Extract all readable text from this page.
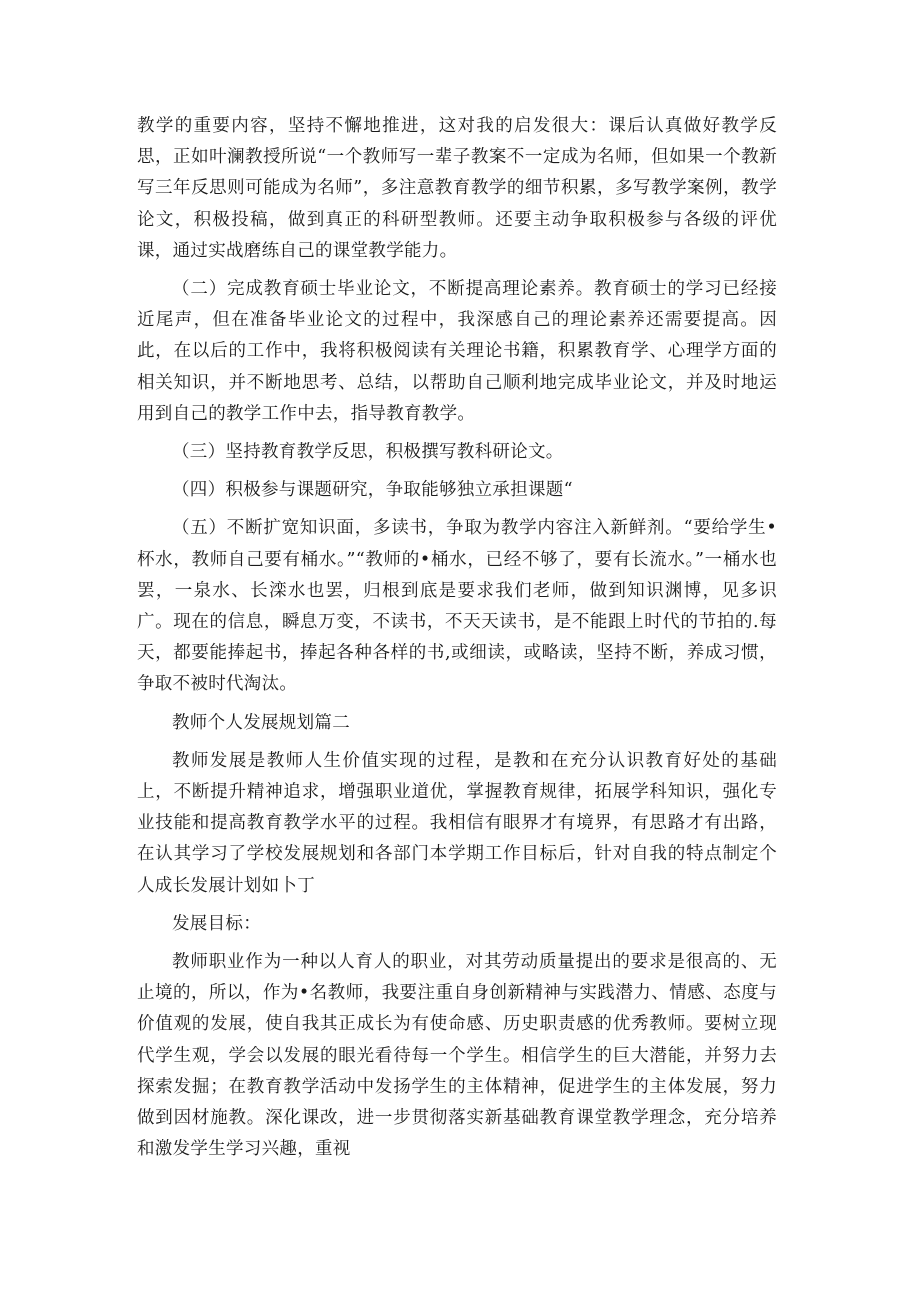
教学的重要内容，坚持不懈地推进，这对我的启发很大：课后认真做好教学反思，正如叶澜教授所说“一个教师写一辈子教案不一定成为名师，但如果一个教新写三年反思则可能成为名师”，多注意教育教学的细节积累，多写教学案例，教学论文，积极投稿，做到真正的科研型教师。还要主动争取积极参与各级的评优课，通过实战磨练自己的课堂教学能力。

（二）完成教育硕士毕业论文，不断提高理论素养。教育硕士的学习已经接近尾声，但在准备毕业论文的过程中，我深感自己的理论素养还需要提高。因此，在以后的工作中，我将积极阅读有关理论书籍，积累教育学、心理学方面的相关知识，并不断地思考、总结，以帮助自己顺利地完成毕业论文，并及时地运用到自己的教学工作中去，指导教育教学。

（三）坚持教育教学反思，积极撰写教科研论文。

（四）积极参与课题研究，争取能够独立承担课题“

（五）不断扩宽知识面，多读书，争取为教学内容注入新鲜剂。“要给学生•杯水，教师自己要有桶水。”“教师的•桶水，已经不够了，要有长流水。”一桶水也罢，一泉水、长滦水也罢，归根到底是要求我们老师，做到知识渊博，见多识广。现在的信息，瞬息万变，不读书，不天天读书，是不能跟上时代的节拍的.每天，都要能捧起书，捧起各种各样的书,或细读，或略读，坚持不断，养成习惯，争取不被时代淘汰。

教师个人发展规划篇二

教师发展是教师人生价值实现的过程，是教和在充分认识教育好处的基础上，不断提升精神追求，增强职业道优，掌握教育规律，拓展学科知识，强化专业技能和提高教育教学水平的过程。我相信有眼界才有境界，有思路才有出路，在认其学习了学校发展规划和各部门本学期工作目标后，针对自我的特点制定个人成长发展计划如卜丁

发展目标：

教师职业作为一种以人育人的职业，对其劳动质量提出的要求是很高的、无止境的，所以，作为•名教师，我要注重自身创新精神与实践潜力、情感、态度与价值观的发展，使自我其正成长为有使命感、历史职责感的优秀教师。要树立现代学生观，学会以发展的眼光看待每一个学生。相信学生的巨大潜能，并努力去探索发掘；在教育教学活动中发扬学生的主体精神，促进学生的主体发展，努力做到因材施教。深化课改，进一步贯彻落实新基础教育课堂教学理念，充分培养和激发学生学习兴趣，重视
